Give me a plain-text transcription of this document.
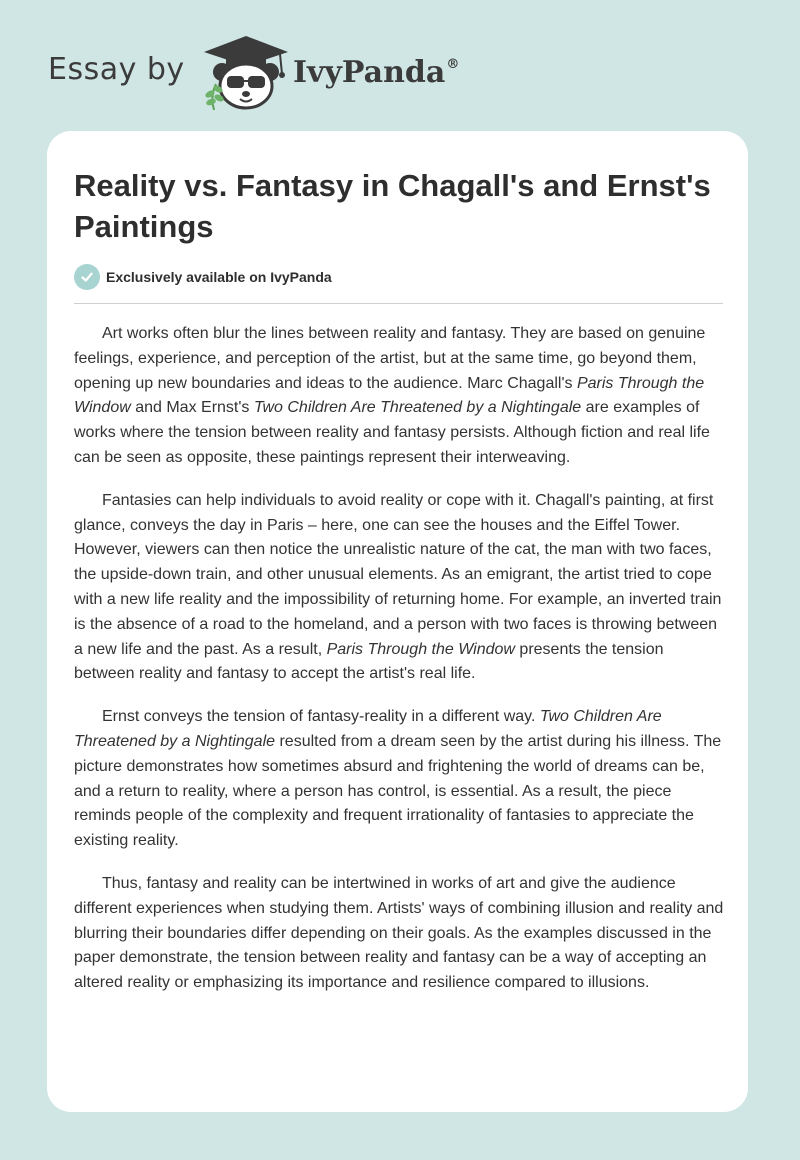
Essay by	IvyPanda®
Reality vs. Fantasy in Chagall's and Ernst's Paintings
Exclusively available on IvyPanda

Art works often blur the lines between reality and fantasy. They are based on genuine feelings, experience, and perception of the artist, but at the same time, go beyond them, opening up new boundaries and ideas to the audience. Marc Chagall's Paris Through the Window and Max Ernst's Two Children Are Threatened by a Nightingale are examples of works where the tension between reality and fantasy persists. Although fiction and real life can be seen as opposite, these paintings represent their interweaving.

Fantasies can help individuals to avoid reality or cope with it. Chagall's painting, at first glance, conveys the day in Paris – here, one can see the houses and the Eiffel Tower. However, viewers can then notice the unrealistic nature of the cat, the man with two faces, the upside-down train, and other unusual elements. As an emigrant, the artist tried to cope with a new life reality and the impossibility of returning home. For example, an inverted train is the absence of a road to the homeland, and a person with two faces is throwing between a new life and the past. As a result, Paris Through the Window presents the tension between reality and fantasy to accept the artist's real life.

Ernst conveys the tension of fantasy-reality in a different way. Two Children Are Threatened by a Nightingale resulted from a dream seen by the artist during his illness. The picture demonstrates how sometimes absurd and frightening the world of dreams can be, and a return to reality, where a person has control, is essential. As a result, the piece reminds people of the complexity and frequent irrationality of fantasies to appreciate the existing reality.

Thus, fantasy and reality can be intertwined in works of art and give the audience different experiences when studying them. Artists' ways of combining illusion and reality and blurring their boundaries differ depending on their goals. As the examples discussed in the paper demonstrate, the tension between reality and fantasy can be a way of accepting an altered reality or emphasizing its importance and resilience compared to illusions.
